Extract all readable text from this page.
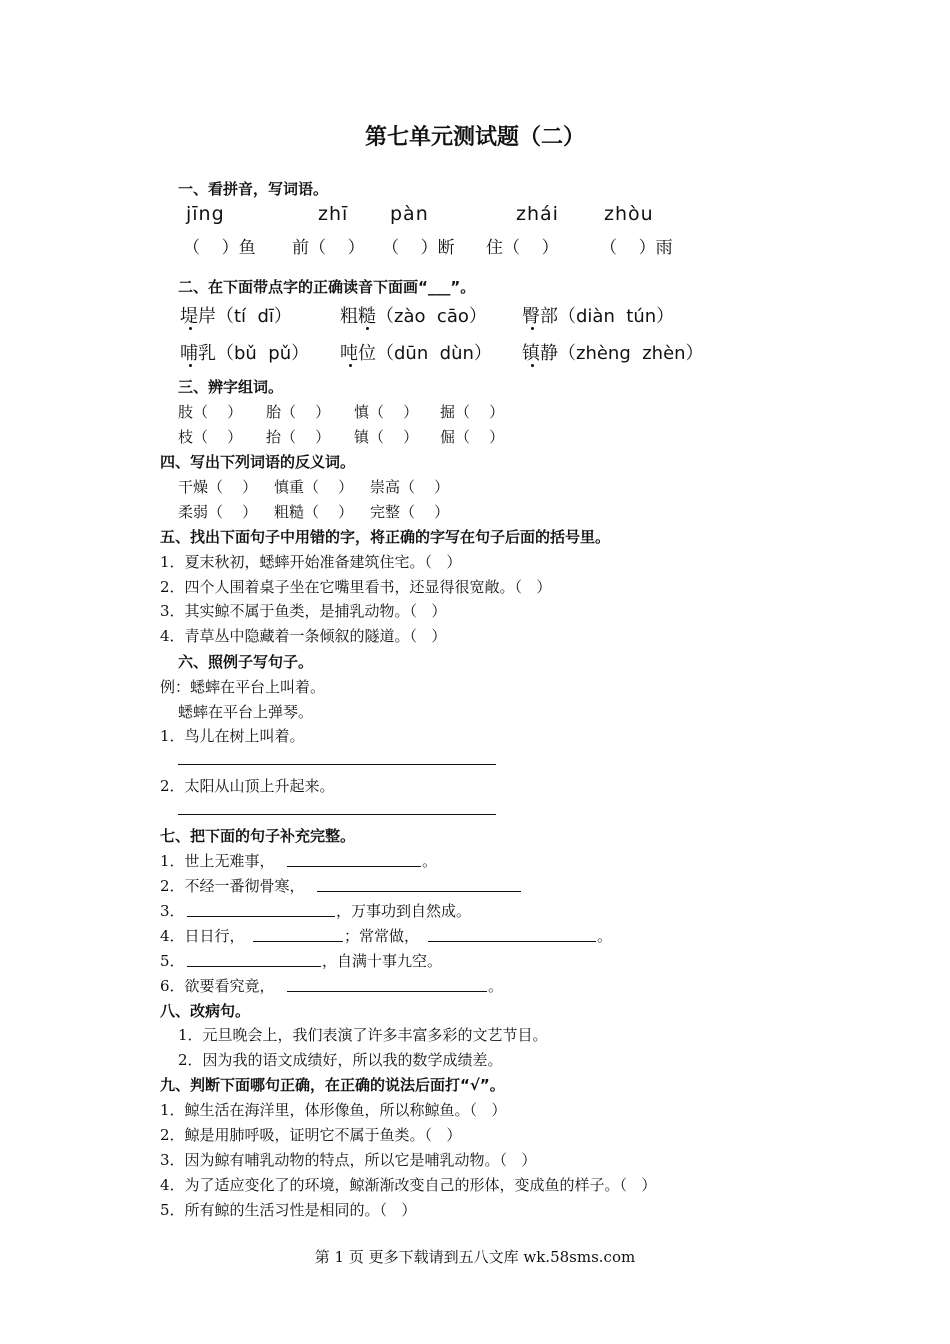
第七单元测试题（二）
一、看拼音，写词语。
jīng	zhī pàn	zhái zhòu
（    ）鱼 前（    ） （    ）断 住（    ） （    ）雨
二、在下面带点字的正确读音下面画“___”。
堤岸（tí  dī）	粗糙（zào  cāo） 臀部（diàn  tún）
哺乳（bǔ  pǔ） 吨位（dūn  dùn） 镇静（zhèng  zhèn）
三、辨字组词。
肢（    ） 胎（    ） 慎（    ） 掘（    ）
枝（    ） 抬（    ） 镇（    ） 倔（    ）
四、写出下列词语的反义词。
干燥（    ） 慎重（    ） 崇高（    ）
柔弱（    ） 粗糙（    ） 完整（    ）
五、找出下面句子中用错的字，将正确的字写在句子后面的括号里。
1．夏末秋初，蟋蟀开始准备建筑住宅。（   ）
2．四个人围着桌子坐在它嘴里看书，还显得很宽敞。（   ）
3．其实鲸不属于鱼类，是捕乳动物。（   ）
4．青草丛中隐藏着一条倾叙的隧道。（   ）
六、照例子写句子。
例：蟋蟀在平台上叫着。
蟋蟀在平台上弹琴。
1．鸟儿在树上叫着。
2．太阳从山顶上升起来。
七、把下面的句子补充完整。
1．世上无难事，	。
2．不经一番彻骨寒，
3．	，万事功到自然成。
4．日日行，	；常常做，	。
5．	，自满十事九空。
6．欲要看究竟，	。
八、改病句。
1．元旦晚会上，我们表演了许多丰富多彩的文艺节目。
2．因为我的语文成绩好，所以我的数学成绩差。
九、判断下面哪句正确，在正确的说法后面打“√”。
1．鲸生活在海洋里，体形像鱼，所以称鲸鱼。（   ）
2．鲸是用肺呼吸，证明它不属于鱼类。（   ）
3．因为鲸有哺乳动物的特点，所以它是哺乳动物。（   ）
4．为了适应变化了的环境，鲸渐渐改变自己的形体，变成鱼的样子。（   ）
5．所有鲸的生活习性是相同的。（   ）
第 1 页 更多下载请到五八文库 wk.58sms.com
